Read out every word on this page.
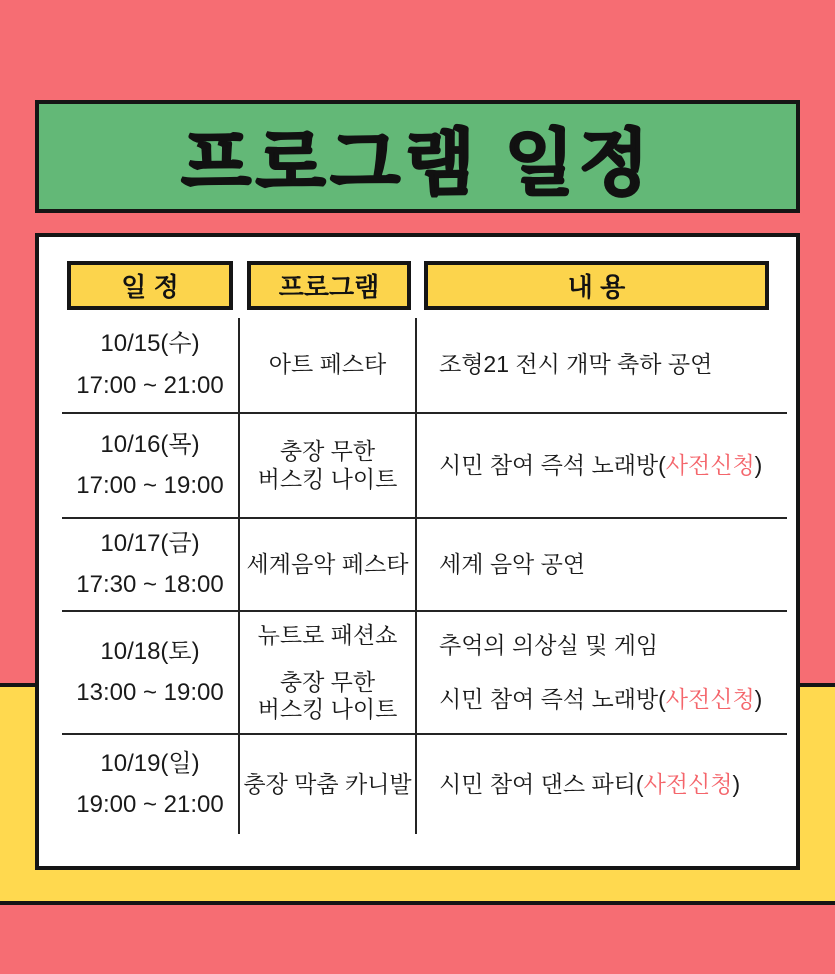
프로그램 일정
일 정	프로그램	내 용
10/15(수)
17:00 ~ 21:00
아트 페스타 조형21 전시 개막 축하 공연
10/16(목)
17:00 ~ 19:00
충장 무한
버스킹 나이트
시민 참여 즉석 노래방(사전신청)
10/17(금)
17:30 ~ 18:00
세계음악 페스타 세계 음악 공연
10/18(토)
13:00 ~ 19:00
뉴트로 패션쇼
충장 무한
버스킹 나이트
추억의 의상실 및 게임
시민 참여 즉석 노래방(사전신청)
10/19(일)
19:00 ~ 21:00
충장 막춤 카니발 시민 참여 댄스 파티(사전신청)
